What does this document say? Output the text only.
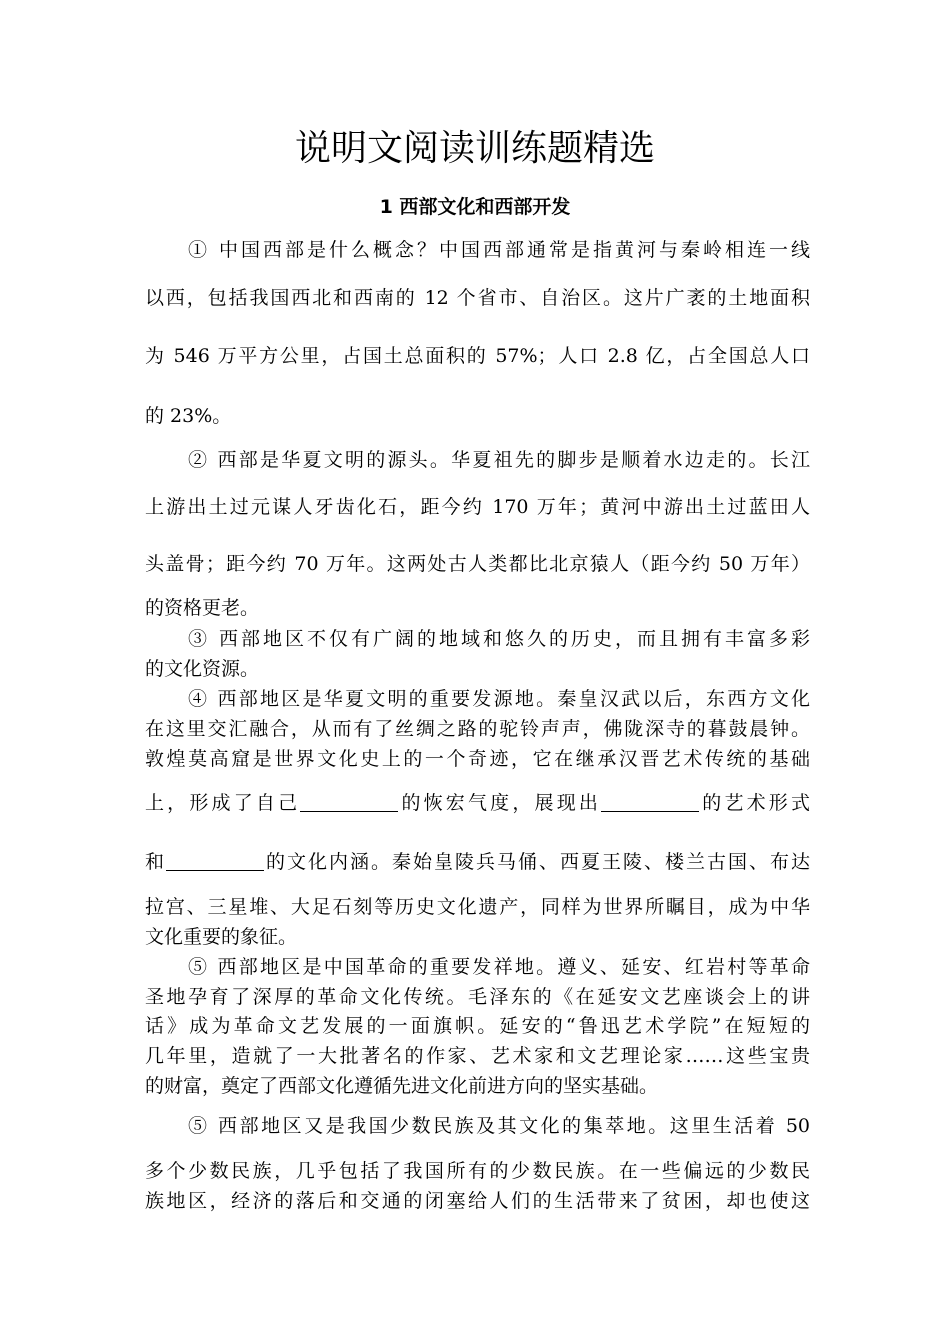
说明文阅读训练题精选
1 西部文化和西部开发
① 中国西部是什么概念？中国西部通常是指黄河与秦岭相连一线
以西，包括我国西北和西南的 12 个省市、自治区。这片广袤的土地面积
为 546 万平方公里，占国土总面积的 57%；人口 2.8 亿，占全国总人口
的 23%。
② 西部是华夏文明的源头。华夏祖先的脚步是顺着水边走的。长江
上游出土过元谋人牙齿化石，距今约 170 万年；黄河中游出土过蓝田人
头盖骨；距今约 70 万年。这两处古人类都比北京猿人（距今约 50 万年）
的资格更老。
③ 西部地区不仅有广阔的地域和悠久的历史，而且拥有丰富多彩
的文化资源。
④ 西部地区是华夏文明的重要发源地。秦皇汉武以后，东西方文化
在这里交汇融合，从而有了丝绸之路的驼铃声声，佛陇深寺的暮鼓晨钟。
敦煌莫高窟是世界文化史上的一个奇迹，它在继承汉晋艺术传统的基础
上，形成了自己	的恢宏气度，展现出	的艺术形式
和	的文化内涵。秦始皇陵兵马俑、西夏王陵、楼兰古国、布达
拉宫、三星堆、大足石刻等历史文化遗产，同样为世界所瞩目，成为中华
文化重要的象征。
⑤ 西部地区是中国革命的重要发祥地。遵义、延安、红岩村等革命
圣地孕育了深厚的革命文化传统。毛泽东的《在延安文艺座谈会上的讲
话》成为革命文艺发展的一面旗帜。延安的“鲁迅艺术学院”在短短的
几年里，造就了一大批著名的作家、艺术家和文艺理论家……这些宝贵
的财富，奠定了西部文化遵循先进文化前进方向的坚实基础。
⑤ 西部地区又是我国少数民族及其文化的集萃地。这里生活着 50
多个少数民族，几乎包括了我国所有的少数民族。在一些偏远的少数民
族地区，经济的落后和交通的闭塞给人们的生活带来了贫困，却也使这
